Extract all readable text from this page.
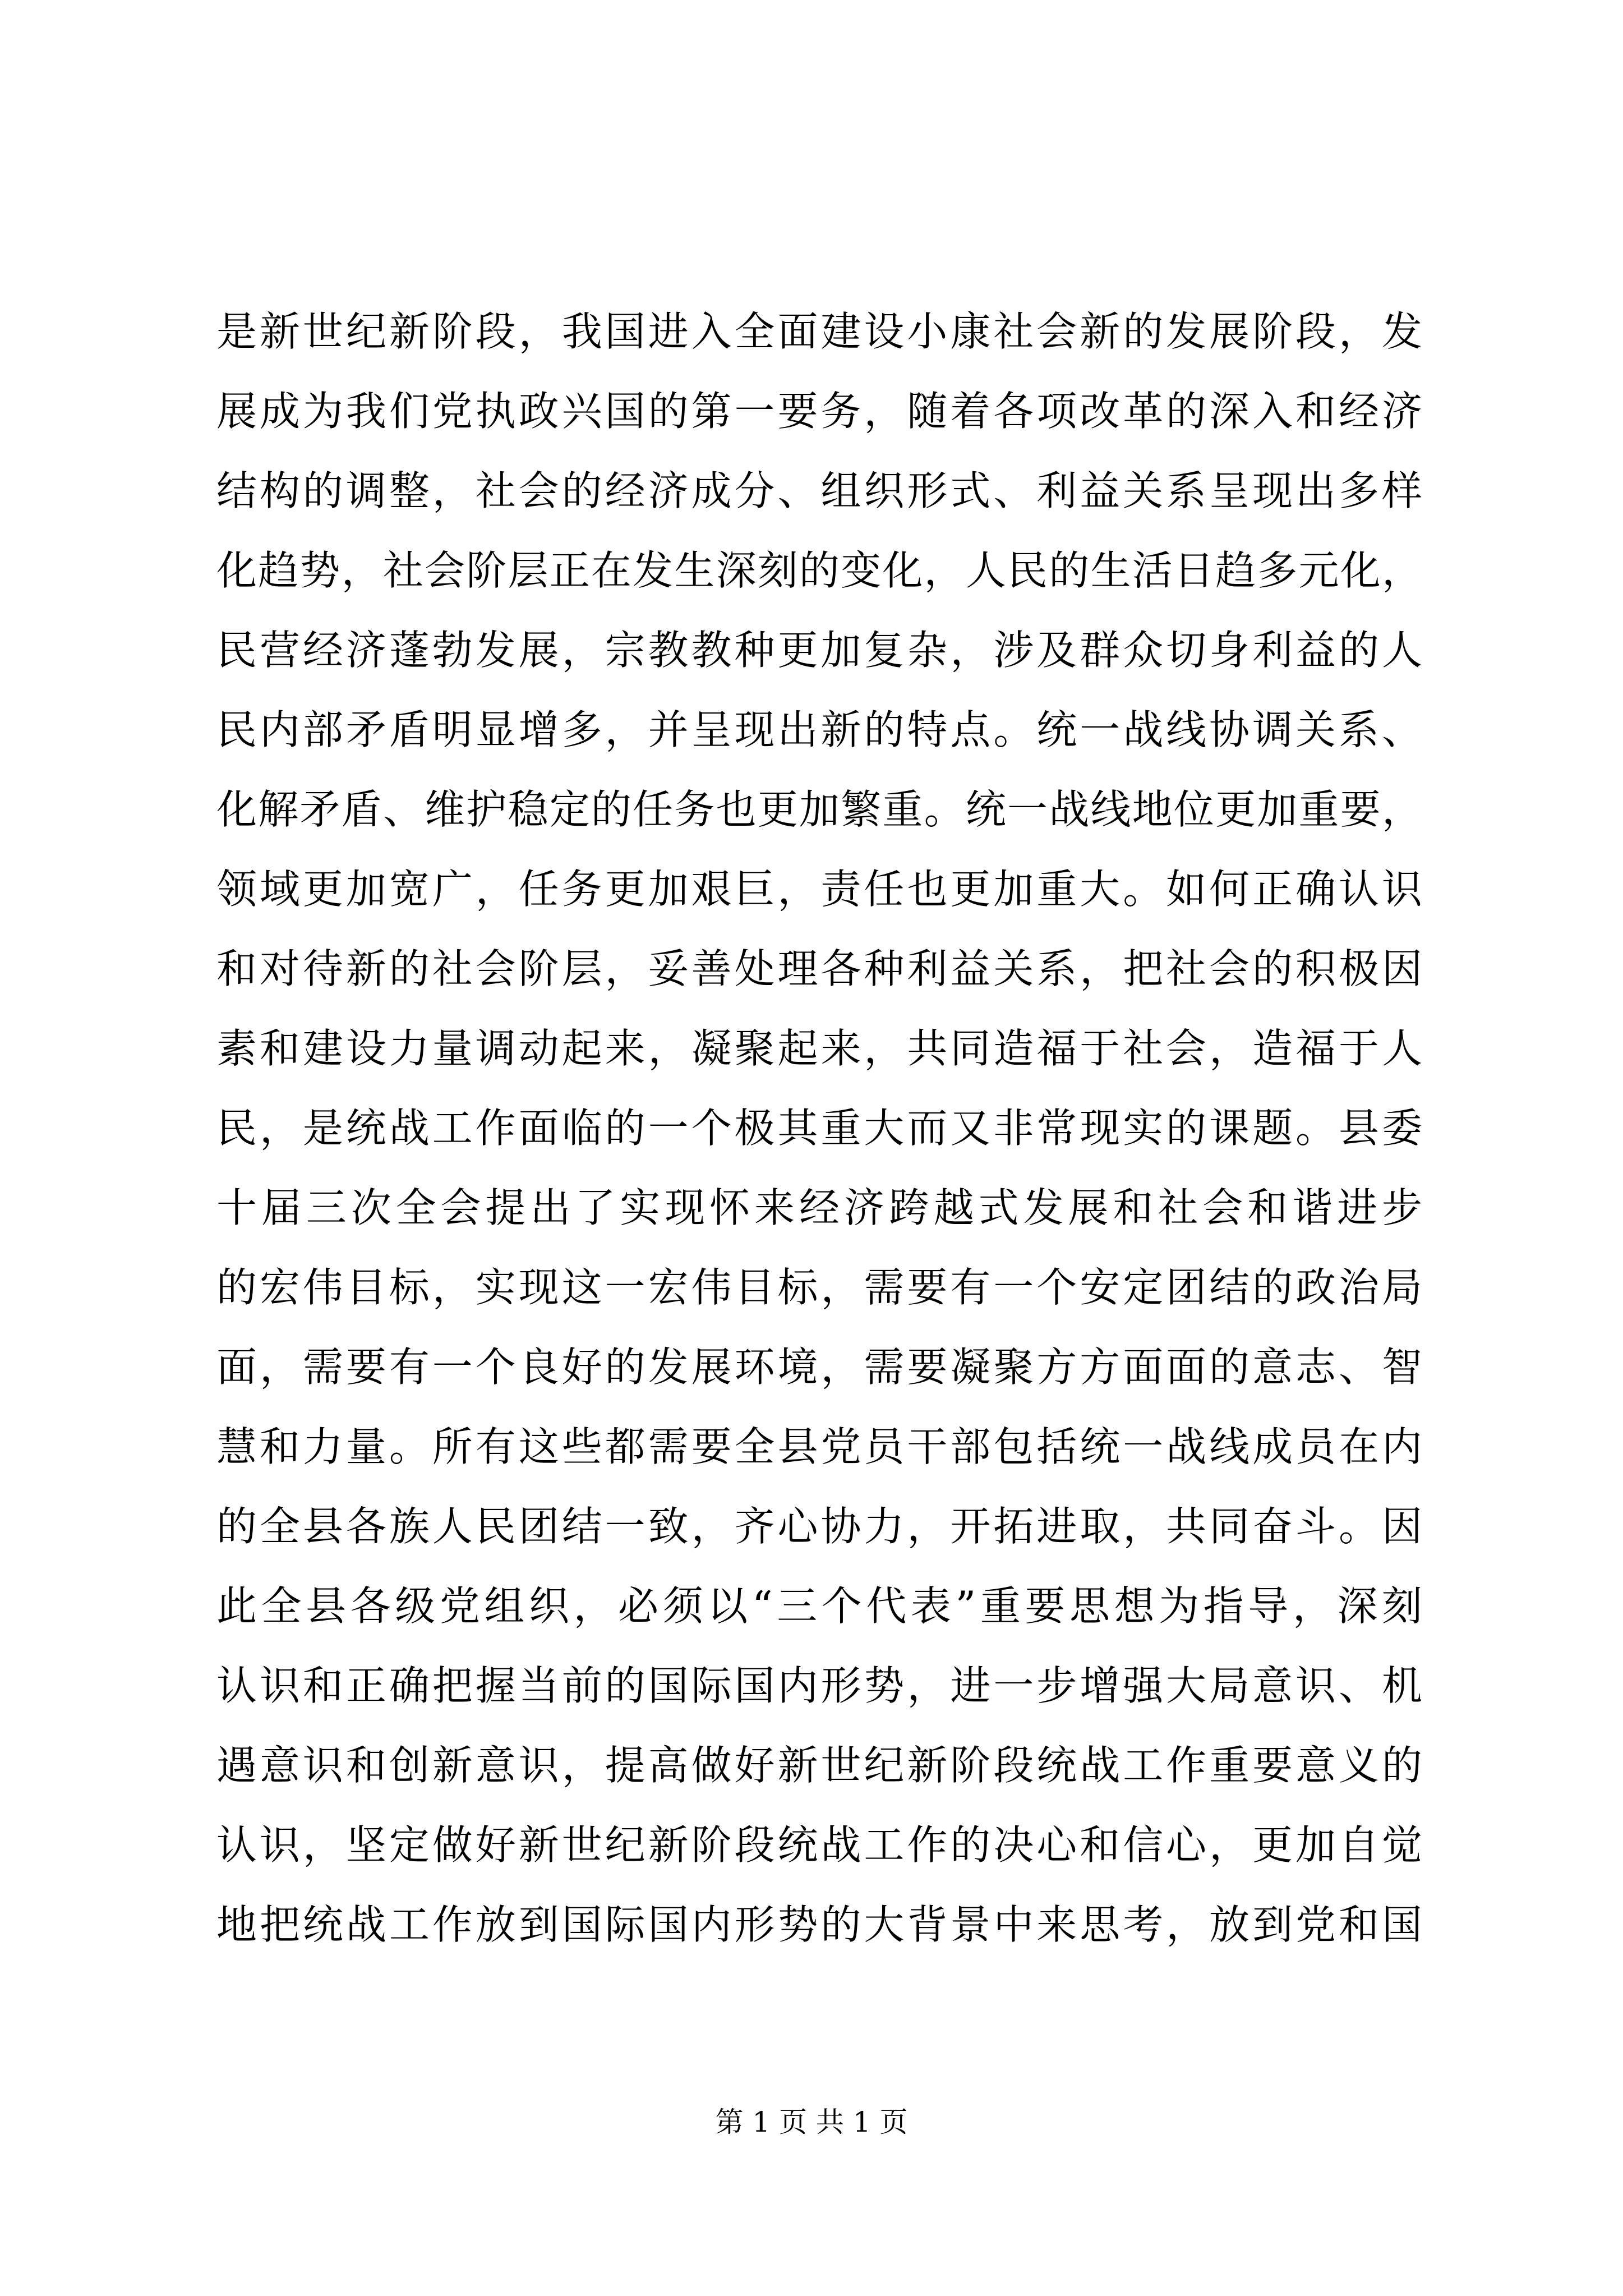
是新世纪新阶段，我国进入全面建设小康社会新的发展阶段，发
展成为我们党执政兴国的第一要务，随着各项改革的深入和经济
结构的调整，社会的经济成分、组织形式、利益关系呈现出多样
化趋势，社会阶层正在发生深刻的变化，人民的生活日趋多元化，
民营经济蓬勃发展，宗教教种更加复杂，涉及群众切身利益的人
民内部矛盾明显增多，并呈现出新的特点。统一战线协调关系、
化解矛盾、维护稳定的任务也更加繁重。统一战线地位更加重要，
领域更加宽广，任务更加艰巨，责任也更加重大。如何正确认识
和对待新的社会阶层，妥善处理各种利益关系，把社会的积极因
素和建设力量调动起来，凝聚起来，共同造福于社会，造福于人
民，是统战工作面临的一个极其重大而又非常现实的课题。县委
十届三次全会提出了实现怀来经济跨越式发展和社会和谐进步
的宏伟目标，实现这一宏伟目标，需要有一个安定团结的政治局
面，需要有一个良好的发展环境，需要凝聚方方面面的意志、智
慧和力量。所有这些都需要全县党员干部包括统一战线成员在内
的全县各族人民团结一致，齐心协力，开拓进取，共同奋斗。因
此全县各级党组织，必须以“三个代表”重要思想为指导，深刻
认识和正确把握当前的国际国内形势，进一步增强大局意识、机
遇意识和创新意识，提高做好新世纪新阶段统战工作重要意义的
认识，坚定做好新世纪新阶段统战工作的决心和信心，更加自觉
地把统战工作放到国际国内形势的大背景中来思考，放到党和国
第 1 页 共 1 页
